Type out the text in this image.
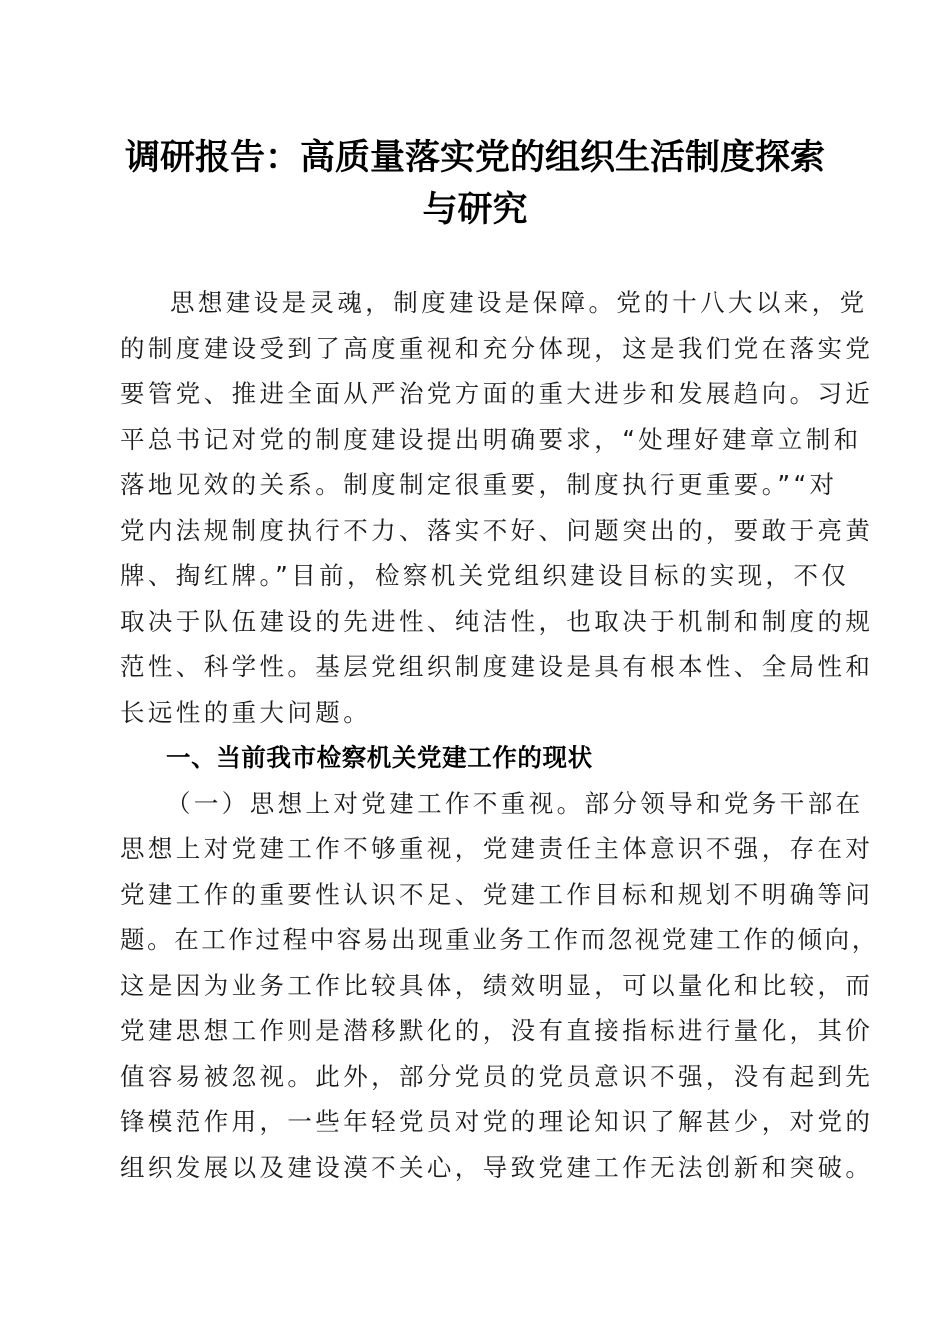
调研报告：高质量落实党的组织生活制度探索
与研究
思想建设是灵魂，制度建设是保障。党的十八大以来，党
的制度建设受到了高度重视和充分体现，这是我们党在落实党
要管党、推进全面从严治党方面的重大进步和发展趋向。习近
平总书记对党的制度建设提出明确要求，“处理好建章立制和
落地见效的关系。制度制定很重要，制度执行更重要。”“对
党内法规制度执行不力、落实不好、问题突出的，要敢于亮黄
牌、掏红牌。”目前，检察机关党组织建设目标的实现，不仅
取决于队伍建设的先进性、纯洁性，也取决于机制和制度的规
范性、科学性。基层党组织制度建设是具有根本性、全局性和
长远性的重大问题。
一、当前我市检察机关党建工作的现状
（一）思想上对党建工作不重视。部分领导和党务干部在
思想上对党建工作不够重视，党建责任主体意识不强，存在对
党建工作的重要性认识不足、党建工作目标和规划不明确等问
题。在工作过程中容易出现重业务工作而忽视党建工作的倾向，
这是因为业务工作比较具体，绩效明显，可以量化和比较，而
党建思想工作则是潜移默化的，没有直接指标进行量化，其价
值容易被忽视。此外，部分党员的党员意识不强，没有起到先
锋模范作用，一些年轻党员对党的理论知识了解甚少，对党的
组织发展以及建设漠不关心，导致党建工作无法创新和突破。
